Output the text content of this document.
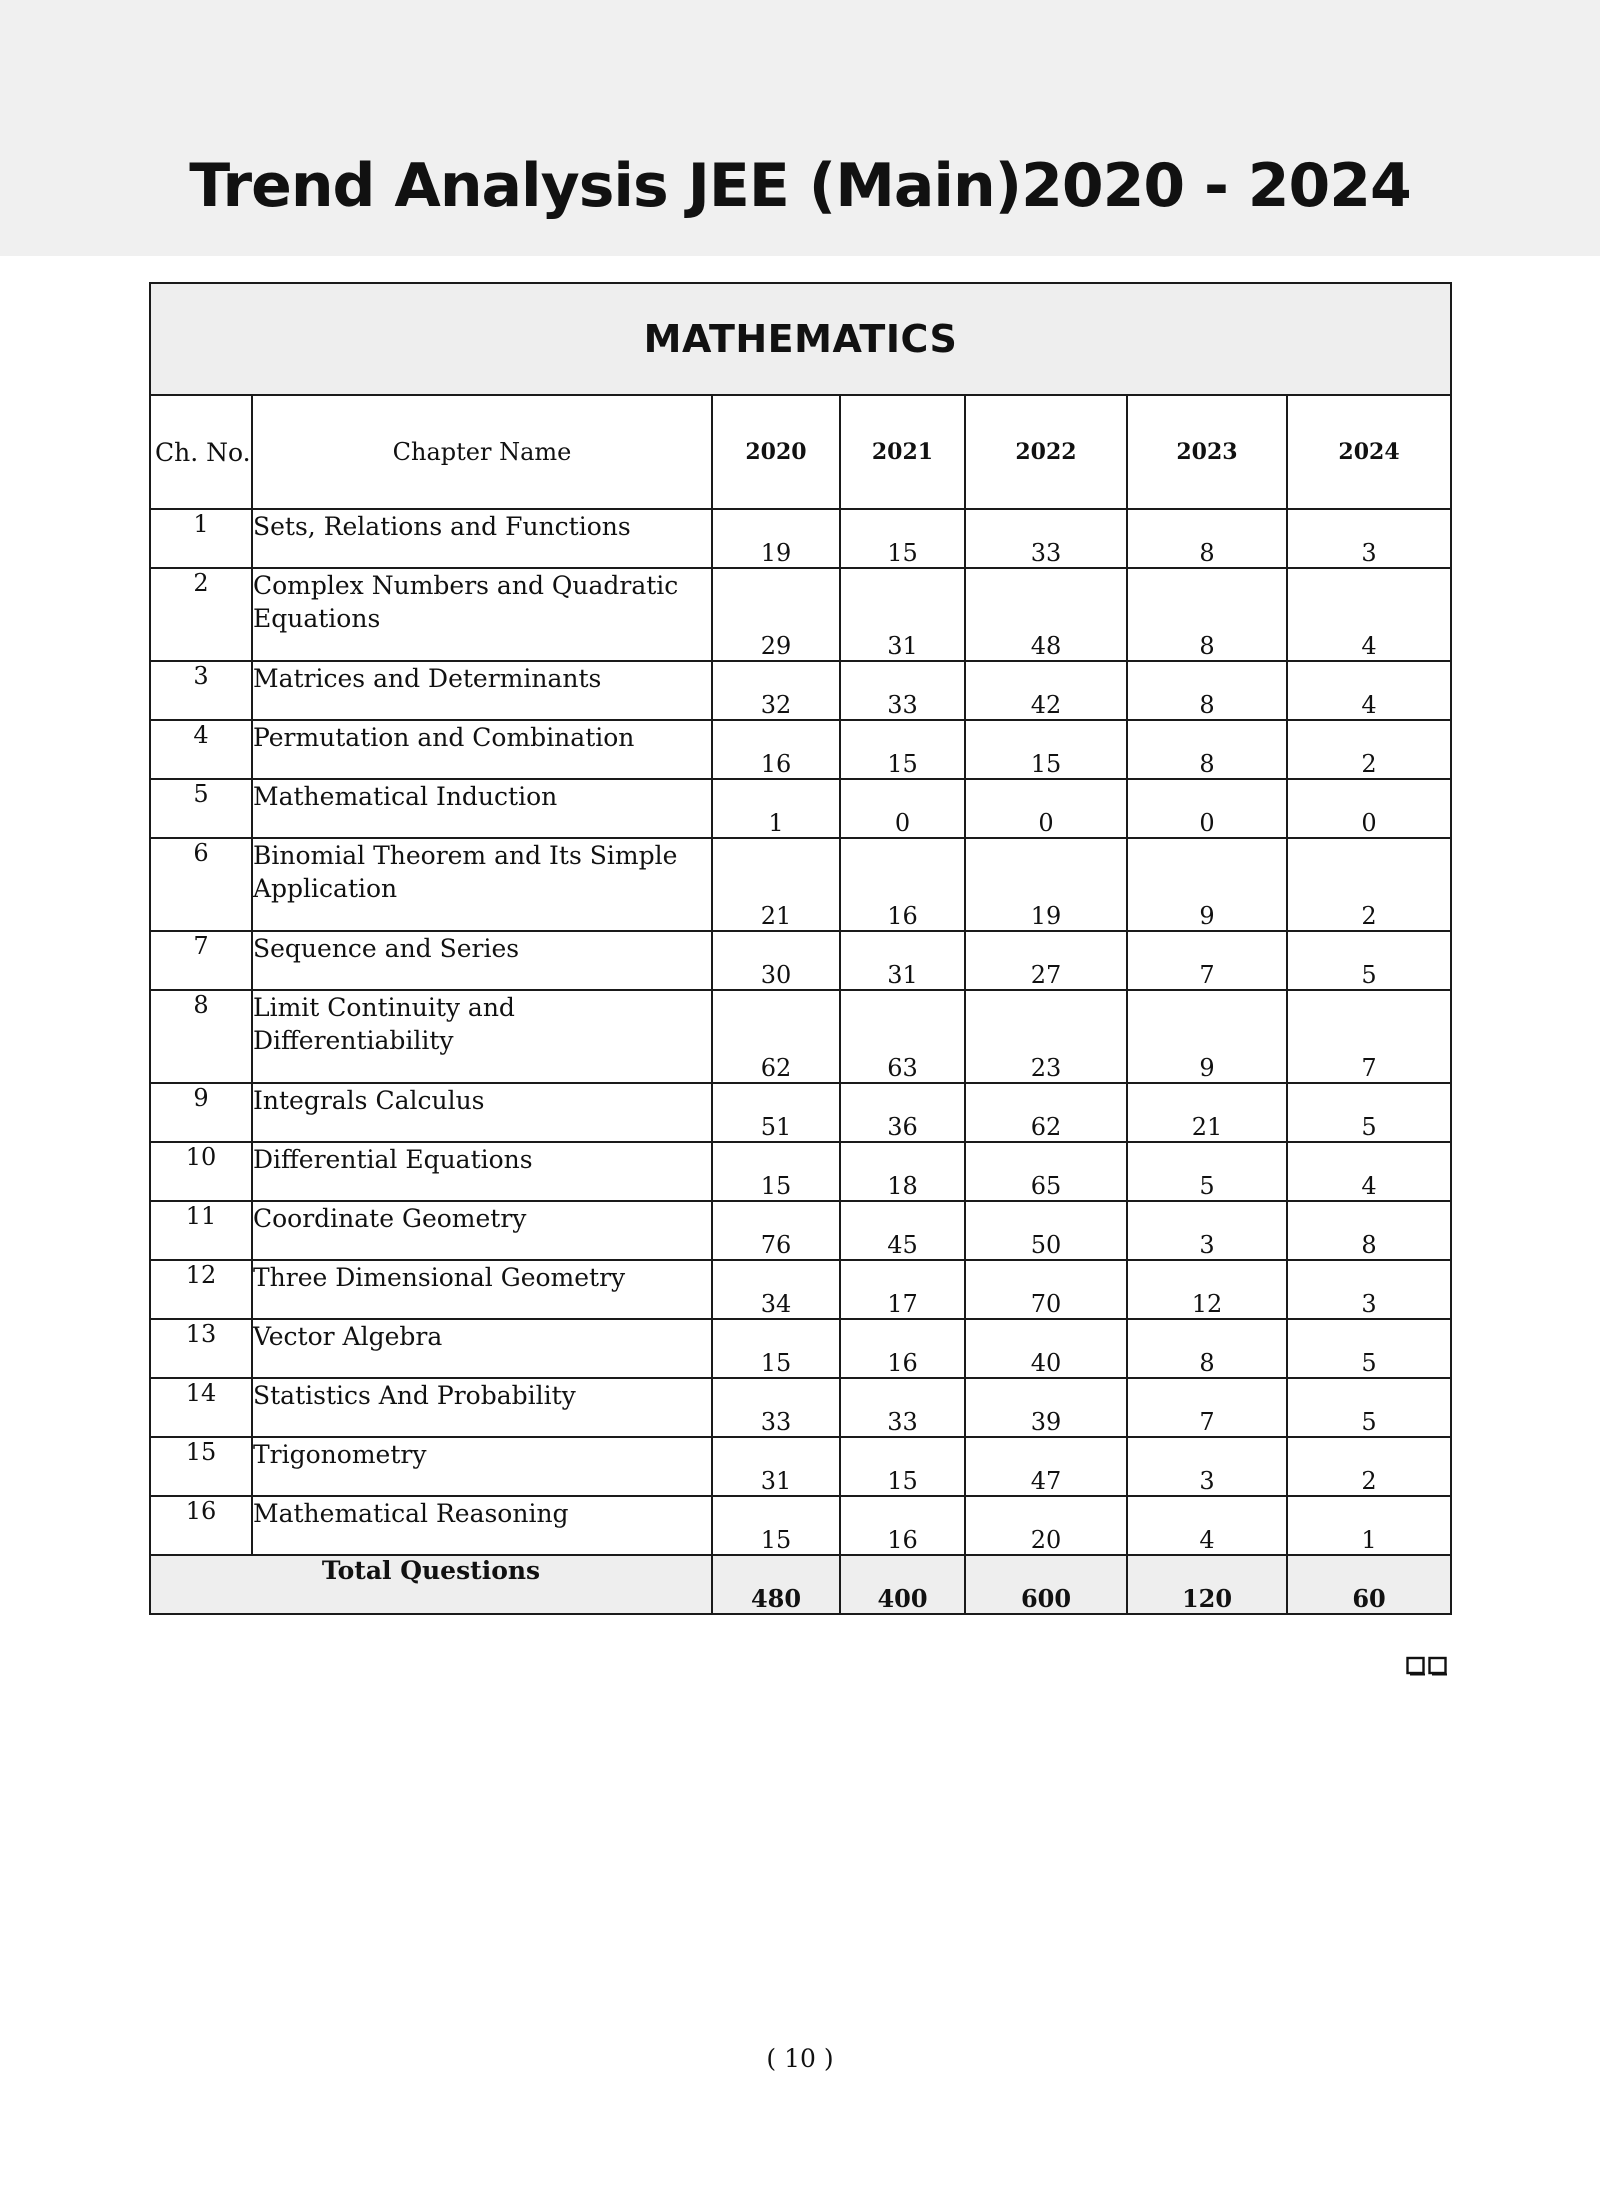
Trend Analysis JEE (Main)2020 - 2024
MATHEMATICS						
Ch. No.	Chapter Name	2020	2021	2022	2023	2024
1	Sets, Relations and Functions	19	15	33	8	3
2	Complex Numbers and Quadratic Equations	29	31	48	8	4
3	Matrices and Determinants	32	33	42	8	4
4	Permutation and Combination	16	15	15	8	2
5	Mathematical Induction	1	0	0	0	0
6	Binomial Theorem and Its Simple Application	21	16	19	9	2
7	Sequence and Series	30	31	27	7	5
8	Limit Continuity and Differentiability	62	63	23	9	7
9	Integrals Calculus	51	36	62	21	5
10	Differential Equations	15	18	65	5	4
11	Coordinate Geometry	76	45	50	3	8
12	Three Dimensional Geometry	34	17	70	12	3
13	Vector Algebra	15	16	40	8	5
14	Statistics And Probability	33	33	39	7	5
15	Trigonometry	31	15	47	3	2
16	Mathematical Reasoning	15	16	20	4	1
Total Questions		480	400	600	120	60
( 10 )
